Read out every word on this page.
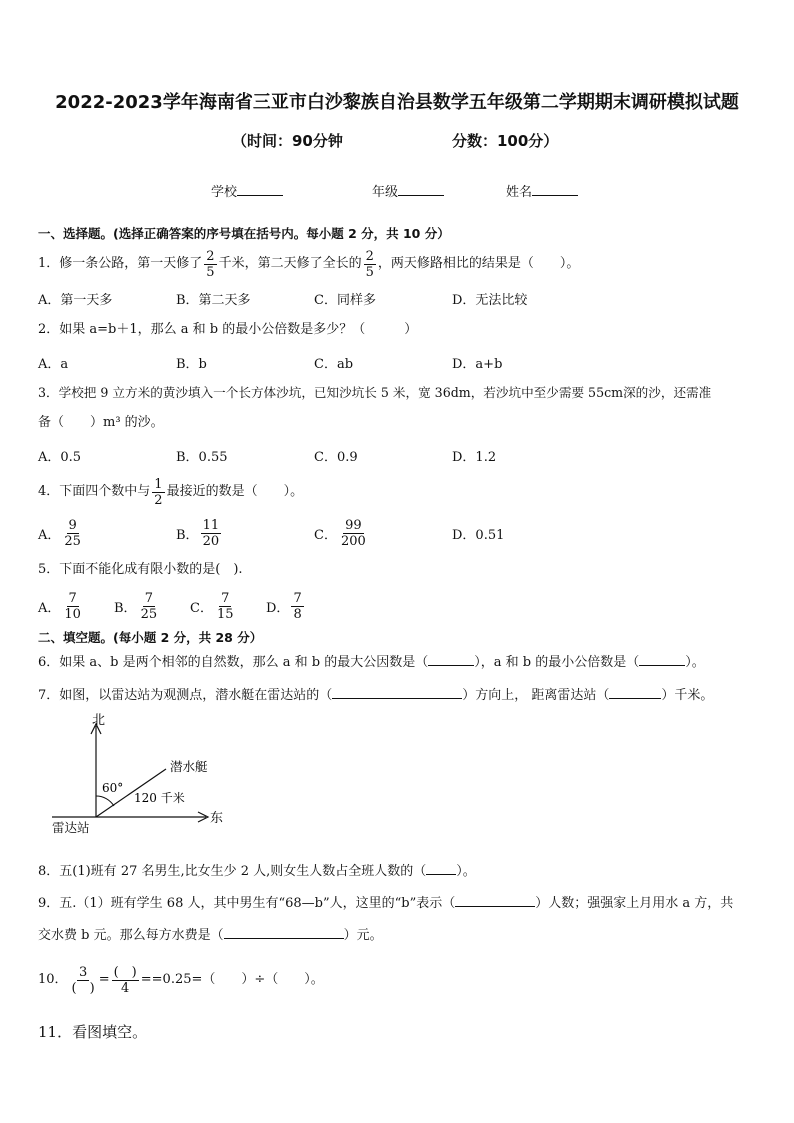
2022-2023学年海南省三亚市白沙黎族自治县数学五年级第二学期期末调研模拟试题
（时间：90分钟	分数：100分）
学校	年级	姓名
一、选择题。(选择正确答案的序号填在括号内。每小题 2 分，共 10 分）
1．修一条公路，第一天修了 $\frac{2}{5}$ 千米，第二天修了全长的 $\frac{2}{5}$ ，两天修路相比的结果是（　　）。
A．第一天多	B．第二天多	C．同样多	D．无法比较
2．如果 a=b＋1，那么 a 和 b 的最小公倍数是多少？（　　　）
A．a	B．b	C．ab	D．a+b
3．学校把 9 立方米的黄沙填入一个长方体沙坑，已知沙坑长 5 米，宽 36dm，若沙坑中至少需要 55cm深的沙，还需准
备（　　）m³ 的沙。
A．0.5	B．0.55	C．0.9	D．1.2
4．下面四个数中与 $\frac{1}{2}$ 最接近的数是（　　）。
A． $\frac{9}{25}$	B． $\frac{11}{20}$	C． $\frac{99}{200}$	D．0.51
5．下面不能化成有限小数的是(　).
A． $\frac{7}{10}$ B． $\frac{7}{25}$ C． $\frac{7}{15}$ D． $\frac{7}{8}$
二、填空题。(每小题 2 分，共 28 分）
6．如果 a、b 是两个相邻的自然数，那么 a 和 b 的最大公因数是（	），a 和 b 的最小公倍数是（	）。
7．如图，以雷达站为观测点，潜水艇在雷达站的（	）方向上， 距离雷达站（	）千米。
北
东
雷达站
潜水艇
60°
120 千米
8．五(1)班有 27 名男生,比女生少 2 人,则女生人数占全班人数的（ ）。
9．五.（1）班有学生 68 人，其中男生有“68—b”人，这里的“b”表示（	）人数；强强家上月用水 a 方，共
交水费 b 元。那么每方水费是（	）元。
10． $\frac{3}{( )} = \frac{( )}{4} ==0.25=$（　　）÷（　　）。
11．看图填空。
